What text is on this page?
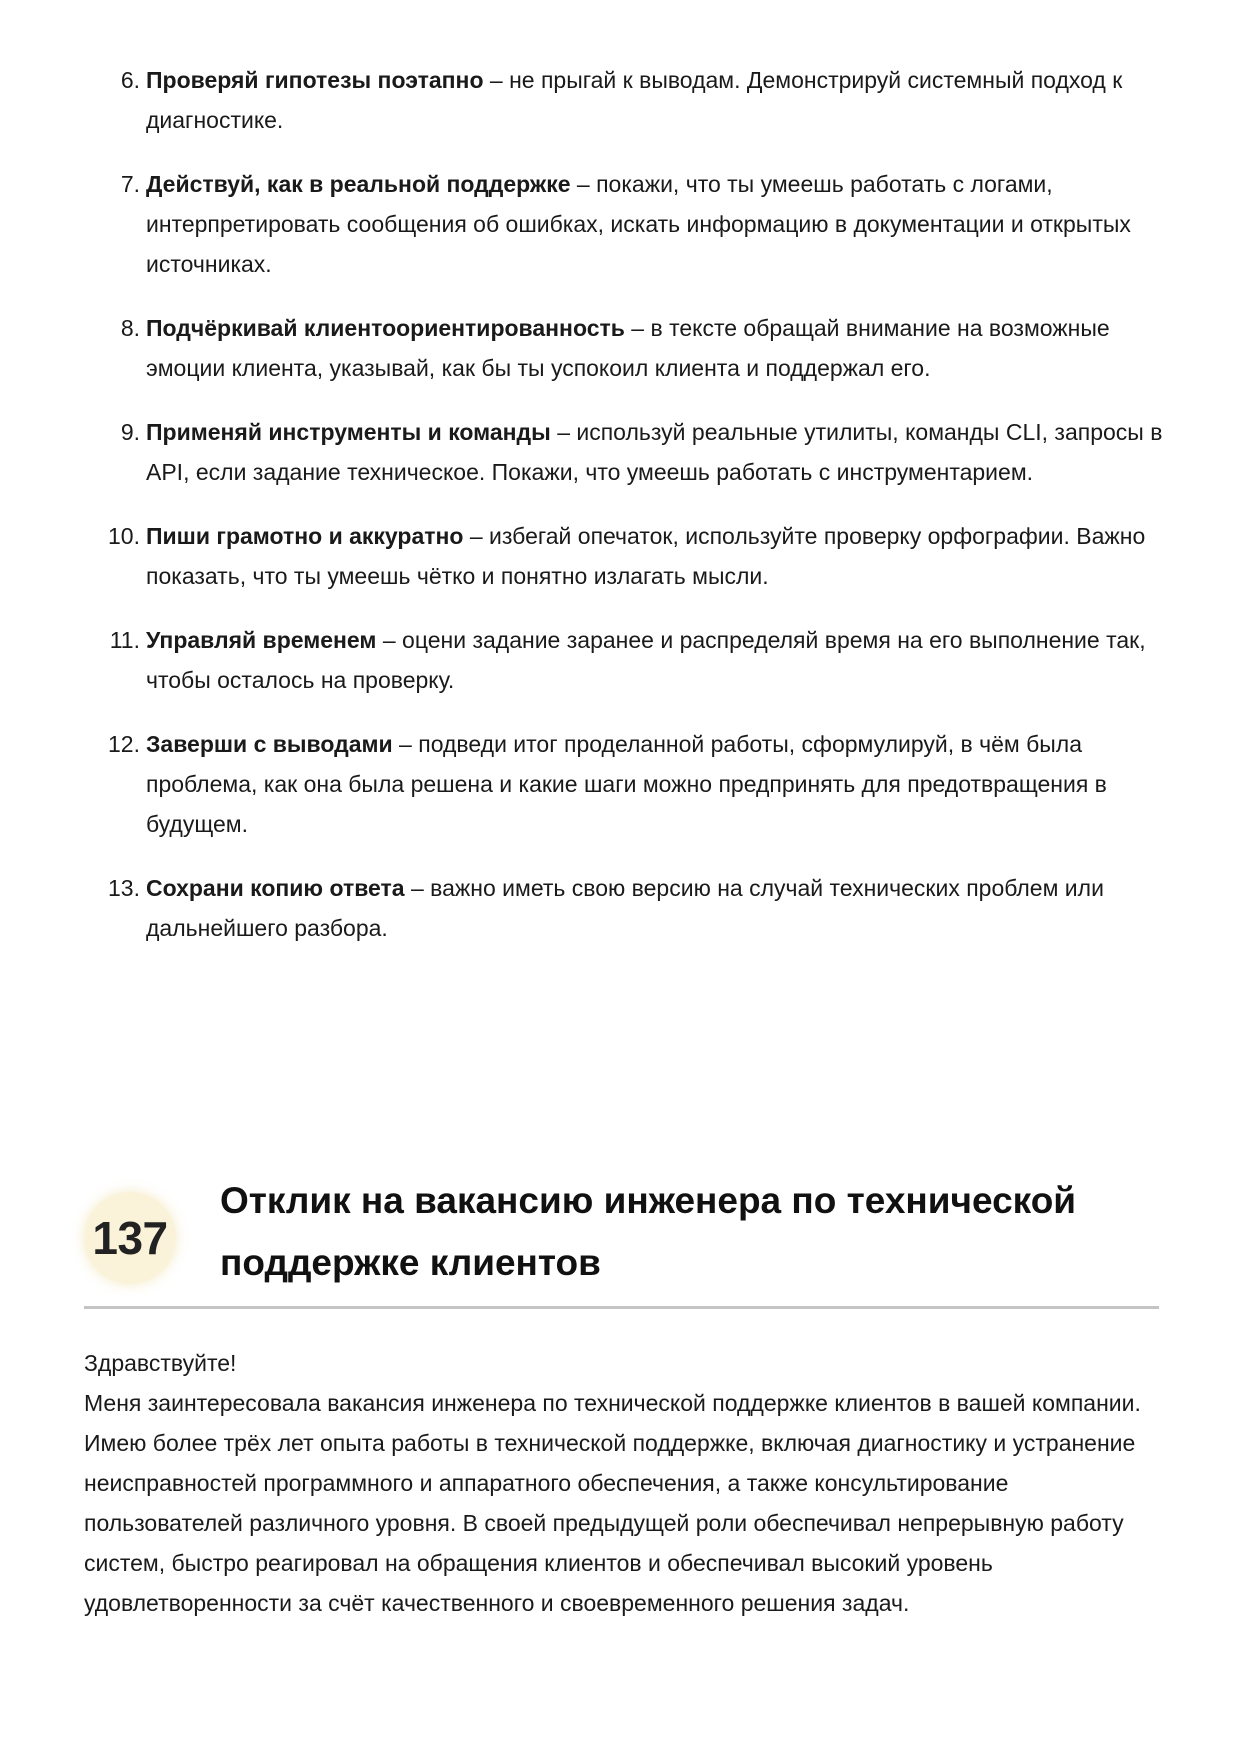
6. Проверяй гипотезы поэтапно – не прыгай к выводам. Демонстрируй системный подход к диагностике.
7. Действуй, как в реальной поддержке – покажи, что ты умеешь работать с логами, интерпретировать сообщения об ошибках, искать информацию в документации и открытых источниках.
8. Подчёркивай клиентоориентированность – в тексте обращай внимание на возможные эмоции клиента, указывай, как бы ты успокоил клиента и поддержал его.
9. Применяй инструменты и команды – используй реальные утилиты, команды CLI, запросы в API, если задание техническое. Покажи, что умеешь работать с инструментарием.
10. Пиши грамотно и аккуратно – избегай опечаток, используйте проверку орфографии. Важно показать, что ты умеешь чётко и понятно излагать мысли.
11. Управляй временем – оцени задание заранее и распределяй время на его выполнение так, чтобы осталось на проверку.
12. Заверши с выводами – подведи итог проделанной работы, сформулируй, в чём была проблема, как она была решена и какие шаги можно предпринять для предотвращения в будущем.
13. Сохрани копию ответа – важно иметь свою версию на случай технических проблем или дальнейшего разбора.
137
Отклик на вакансию инженера по технической поддержке клиентов

Здравствуйте!

Меня заинтересовала вакансия инженера по технической поддержке клиентов в вашей компании. Имею более трёх лет опыта работы в технической поддержке, включая диагностику и устранение неисправностей программного и аппаратного обеспечения, а также консультирование пользователей различного уровня. В своей предыдущей роли обеспечивал непрерывную работу систем, быстро реагировал на обращения клиентов и обеспечивал высокий уровень удовлетворенности за счёт качественного и своевременного решения задач.
